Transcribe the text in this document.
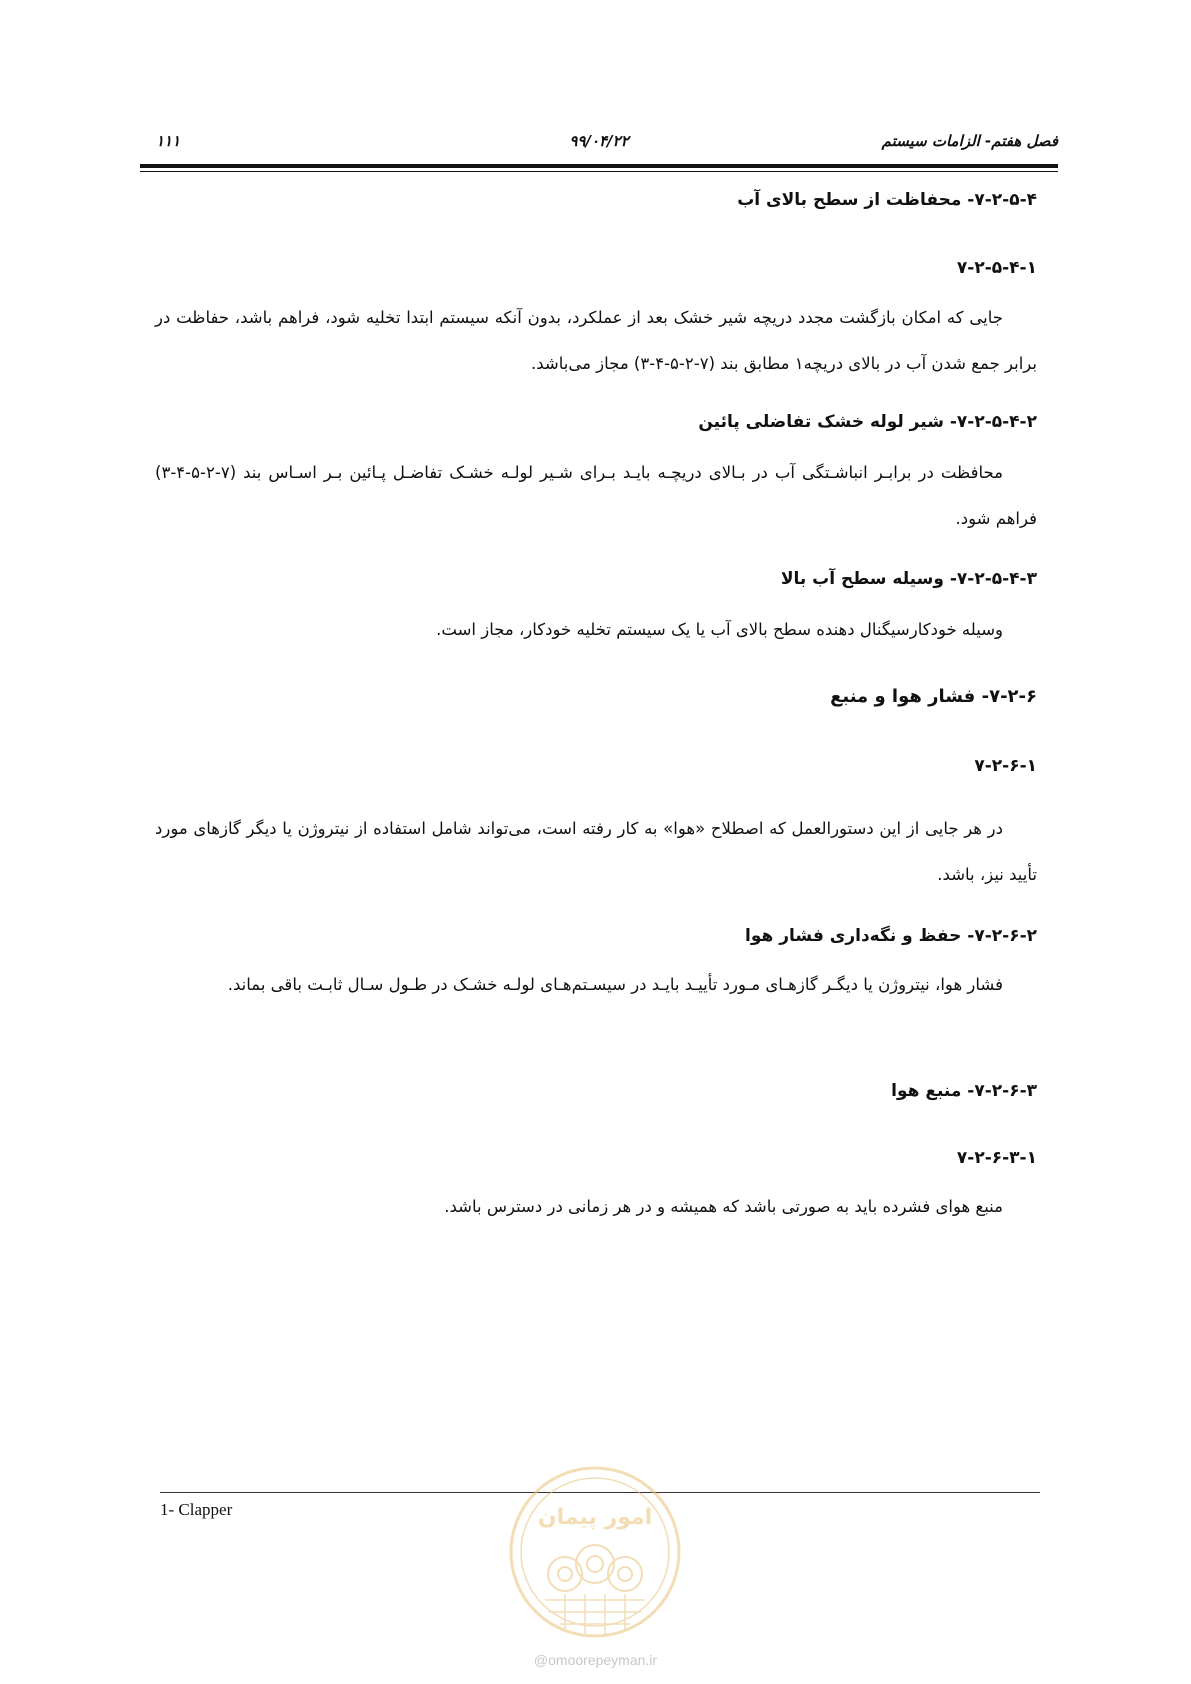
فصل هفتم- الزامات سیستم
۹۹/۰۴/۲۲
۱۱۱
۷-۲-۵-۴- محفاظت از سطح بالای آب
۷-۲-۵-۴-۱
جایی که امکان بازگشت مجدد دریچه شیر خشک بعد از عملکرد، بدون آنکه سیستم ابتدا تخلیه شود، فراهم باشد، حفاظت در برابر جمع شدن آب در بالای دریچه۱ مطابق بند (۷-۲-۵-۴-۳) مجاز می‌باشد.
۷-۲-۵-۴-۲- شیر لوله خشک تفاضلی پائین
محافظت در برابـر انباشـتگی آب در بـالای دریچـه بایـد بـرای شـیر لولـه خشـک تفاضـل پـائین بـر اسـاس بند (۷-۲-۵-۴-۳) فراهم شود.
۷-۲-۵-۴-۳- وسیله سطح آب بالا
وسیله خودکارسیگنال دهنده سطح بالای آب یا یک سیستم تخلیه خودکار، مجاز است.
۷-۲-۶- فشار هوا و منبع
۷-۲-۶-۱
در هر جایی از این دستورالعمل که اصطلاح «هوا» به کار رفته است، می‌تواند شامل استفاده از نیتروژن یا دیگر گازهای مورد تأیید نیز، باشد.
۷-۲-۶-۲- حفظ و نگه‌داری فشار هوا
فشار هوا، نیتروژن یا دیگـر گازهـای مـورد تأییـد بایـد در سیسـتم‌هـای لولـه خشـک در طـول سـال ثابـت باقی بماند.
۷-۲-۶-۳- منبع هوا
۷-۲-۶-۳-۱
منبع هوای فشرده باید به صورتی باشد که همیشه و در هر زمانی در دسترس باشد.
1- Clapper	امور پیمان
@omoorepeyman.ir
